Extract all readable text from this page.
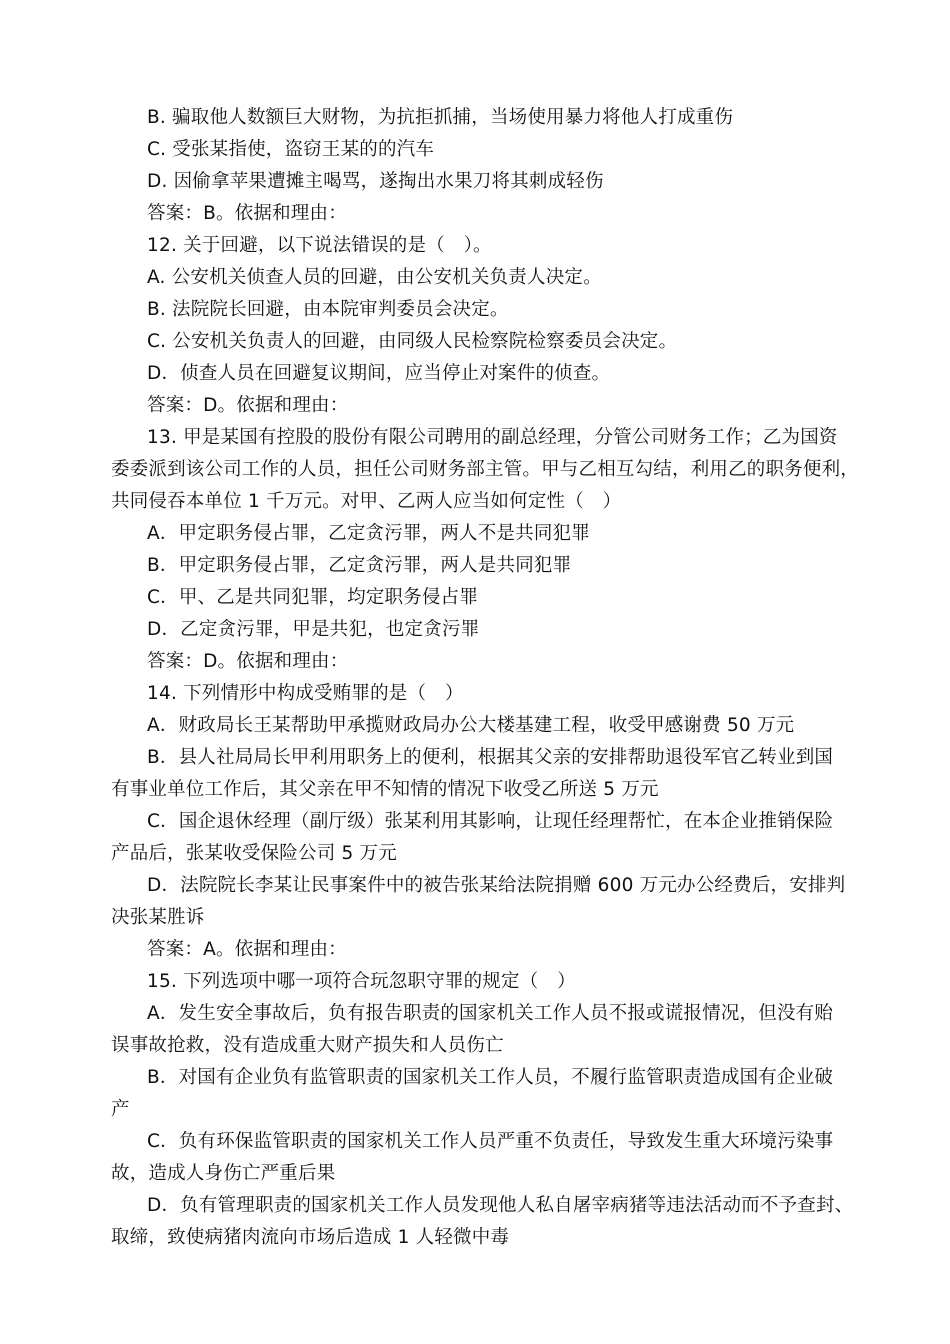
B. 骗取他人数额巨大财物，为抗拒抓捕，当场使用暴力将他人打成重伤
C. 受张某指使，盗窃王某的的汽车
D. 因偷拿苹果遭摊主喝骂，遂掏出水果刀将其刺成轻伤
答案：B。依据和理由：
12. 关于回避，以下说法错误的是（　）。
A. 公安机关侦查人员的回避，由公安机关负责人决定。
B. 法院院长回避，由本院审判委员会决定。
C. 公安机关负责人的回避，由同级人民检察院检察委员会决定。
D．侦查人员在回避复议期间，应当停止对案件的侦查。
答案：D。依据和理由：
13. 甲是某国有控股的股份有限公司聘用的副总经理，分管公司财务工作；乙为国资
委委派到该公司工作的人员，担任公司财务部主管。甲与乙相互勾结，利用乙的职务便利，
共同侵吞本单位 1 千万元。对甲、乙两人应当如何定性（　）
A．甲定职务侵占罪，乙定贪污罪，两人不是共同犯罪
B．甲定职务侵占罪，乙定贪污罪，两人是共同犯罪
C．甲、乙是共同犯罪，均定职务侵占罪
D．乙定贪污罪，甲是共犯，也定贪污罪
答案：D。依据和理由：
14. 下列情形中构成受贿罪的是（　）
A．财政局长王某帮助甲承揽财政局办公大楼基建工程，收受甲感谢费 50 万元
B．县人社局局长甲利用职务上的便利，根据其父亲的安排帮助退役军官乙转业到国
有事业单位工作后，其父亲在甲不知情的情况下收受乙所送 5 万元
C．国企退休经理（副厅级）张某利用其影响，让现任经理帮忙，在本企业推销保险
产品后，张某收受保险公司 5 万元
D．法院院长李某让民事案件中的被告张某给法院捐赠 600 万元办公经费后，安排判
决张某胜诉
答案：A。依据和理由：
15. 下列选项中哪一项符合玩忽职守罪的规定（　）
A．发生安全事故后，负有报告职责的国家机关工作人员不报或谎报情况，但没有贻
误事故抢救，没有造成重大财产损失和人员伤亡
B．对国有企业负有监管职责的国家机关工作人员，不履行监管职责造成国有企业破
产
C．负有环保监管职责的国家机关工作人员严重不负责任，导致发生重大环境污染事
故，造成人身伤亡严重后果
D．负有管理职责的国家机关工作人员发现他人私自屠宰病猪等违法活动而不予查封、
取缔，致使病猪肉流向市场后造成 1 人轻微中毒
